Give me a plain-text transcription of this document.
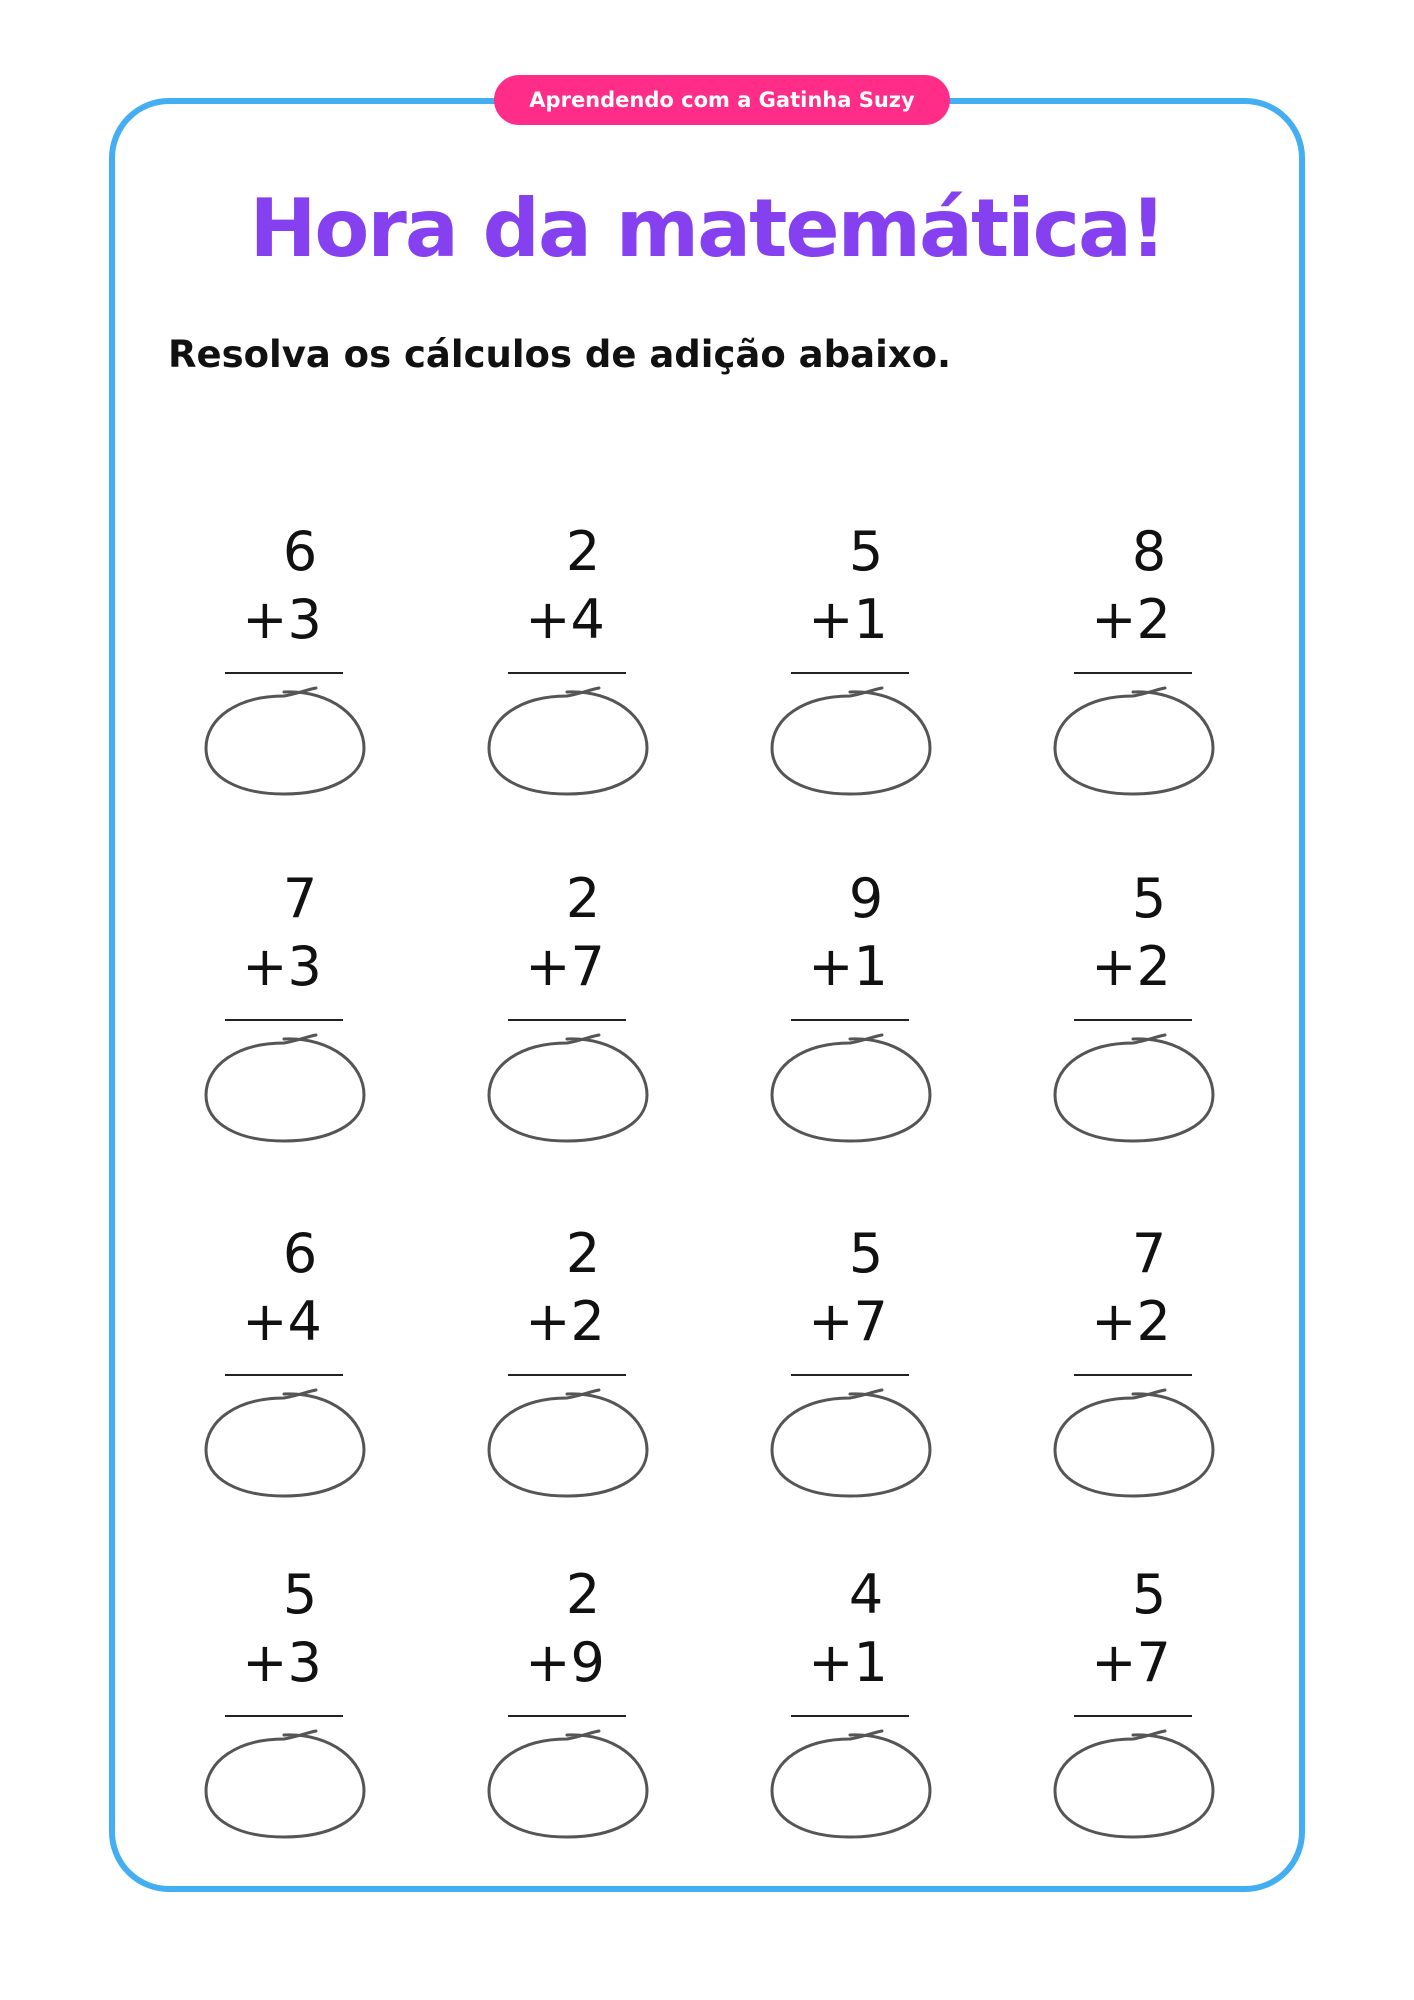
Aprendendo com a Gatinha Suzy
Hora da matemática!
Resolva os cálculos de adição abaixo.
6
+3
2
+4
5
+1
8
+2
7
+3
2
+7
9
+1
5
+2
6
+4
2
+2
5
+7
7
+2
5
+3
2
+9
4
+1
5
+7
